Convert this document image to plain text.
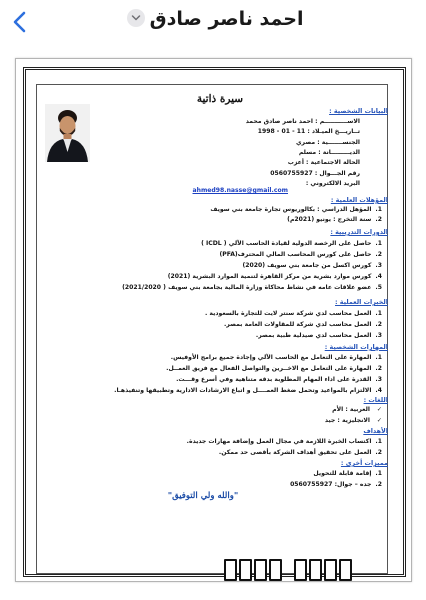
احمد ناصر صادق
سيرة ذاتية
البيانات الشخصية :
الاســـــــــــم : احمد ناصر صادق محمد
تــاريـــخ الميـلاد : 11 - 01 - 1998
الجنســـــــية : مصري
الديـــــــــانة : مسلم
الحالة الاجتماعية : أعزب
رقم الجـــوال : 0560755927
البريد الالكتروني :
ahmed98.nasse@gmail.com
المؤهلات العلمية :
1.المؤهل الدراسي : بكالوريوس تجارة جامعة بني سويف
2.سنة التخرج : يونيو (2021م)
الدورات التدريبية :
1.حاصل على الرخصة الدولية لقيادة الحاسب الآلي ( ICDL )
2.حاصل على كورس المحاسب المالي المحترف(PFA)
3.كورس اكسل من جامعة بني سويف (2020)
4.كورس موارد بشرية من مركز القاهرة لتنمية الموارد البشرية (2021)
5.عضو علاقات عامه في نشاط محاكاة وزارة المالية بجامعة بني سويف ( 2021/2020)
الخبرات العملية :
1.العمل محاسب لدي شركة سنتر لايت للتجارة بالسعودية .
2.العمل محاسب لدي شركة للمقاولات العامة بمصر.
3.العمل محاسب لدي صيدلية طبية بمصر.
المهارات الشخصية :
1.المهارة على التعامل مع الحاسب الآلي وإجادة جميع برامج الأوفيس.
2.المهارة على التعامل مع الاخــرين والتواصل الفعال مع فريق العمــل.
3.القدرة على اداء المهام المطلوبة بدقه متناهية وفي أسرع وقـــت.
4.الالتزام بالمواعيد وتحمل ضغط العمــــل و اتباع الارشادات الادارية وتطبيقها وتنفيذهـا.
اللغات :
✓العربية : الأم
✓الانجليزية : جيد
الأهداف
1.اكتساب الخبرة اللازمة في مجال العمل وإضافة مهارات جديدة.
2.العمل على تحقيق أهداف الشركة بأقصى حد ممكن.
مميزات أخرى :
1.إقامة قابلة للتحويل
2.جده – جوال: 0560755927
"والله ولي التوفيق"
